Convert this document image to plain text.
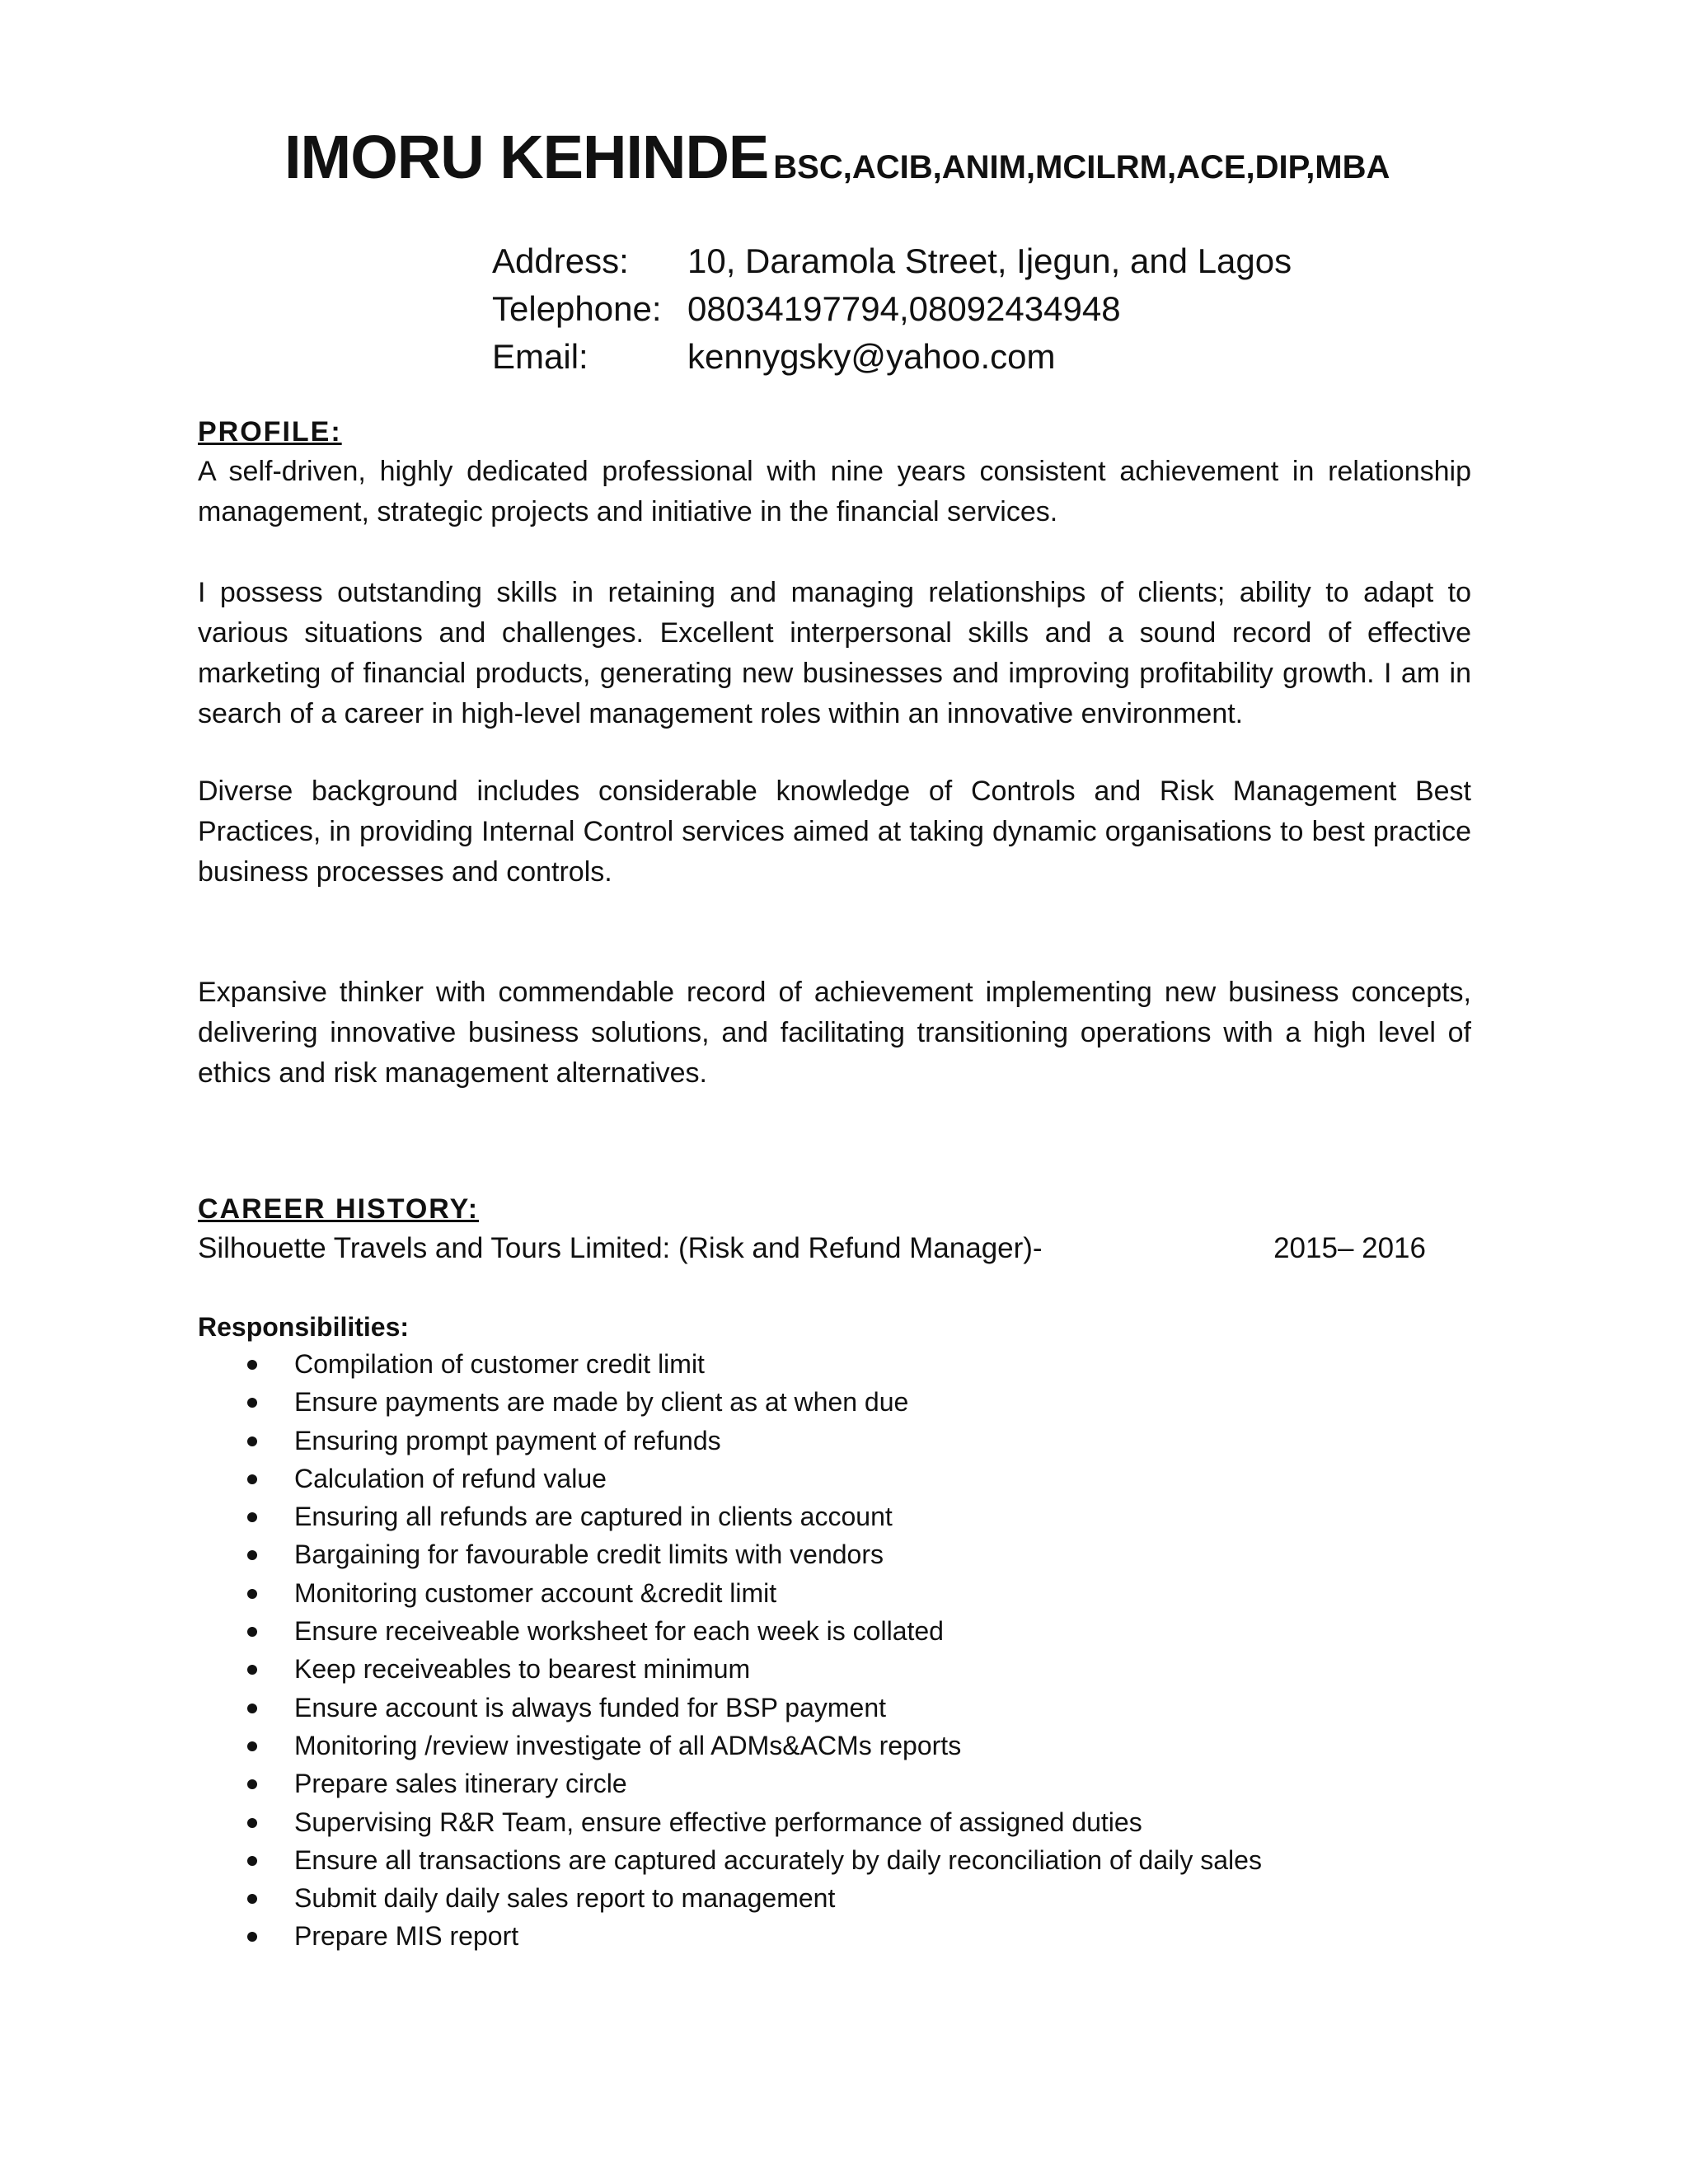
IMORU KEHINDE BSC,ACIB,ANIM,MCILRM,ACE,DIP,MBA
Address:	10, Daramola Street, Ijegun, and Lagos
Telephone: 08034197794,08092434948
Email:	kennygsky@yahoo.com
PROFILE:
A self-driven, highly dedicated professional with nine years consistent achievement in relationship management, strategic projects and initiative in the financial services.
I possess outstanding skills in retaining and managing relationships of clients; ability to adapt to various situations and challenges. Excellent interpersonal skills and a sound record of effective marketing of financial products, generating new businesses and improving profitability growth. I am in search of a career in high-level management roles within an innovative environment.
Diverse background includes considerable knowledge of Controls and Risk Management Best Practices, in providing Internal Control services aimed at taking dynamic organisations to best practice business processes and controls.
Expansive thinker with commendable record of achievement implementing new business concepts, delivering innovative business solutions, and facilitating transitioning operations with a high level of ethics and risk management alternatives.
CAREER HISTORY:
Silhouette Travels and Tours Limited: (Risk and Refund Manager)-	2015– 2016
Responsibilities:
Compilation of customer credit limit
Ensure payments are made by client as at when due
Ensuring prompt payment of refunds
Calculation of refund value
Ensuring all refunds are captured in clients account
Bargaining for favourable credit limits with vendors
Monitoring customer account &credit limit
Ensure receiveable worksheet for each week is collated
Keep receiveables to bearest minimum
Ensure account is always funded for BSP payment
Monitoring /review investigate of all ADMs&ACMs reports
Prepare sales itinerary circle
Supervising R&R Team, ensure effective performance of assigned duties
Ensure all transactions are captured accurately by daily reconciliation of daily sales
Submit daily daily sales report to management
Prepare MIS report
